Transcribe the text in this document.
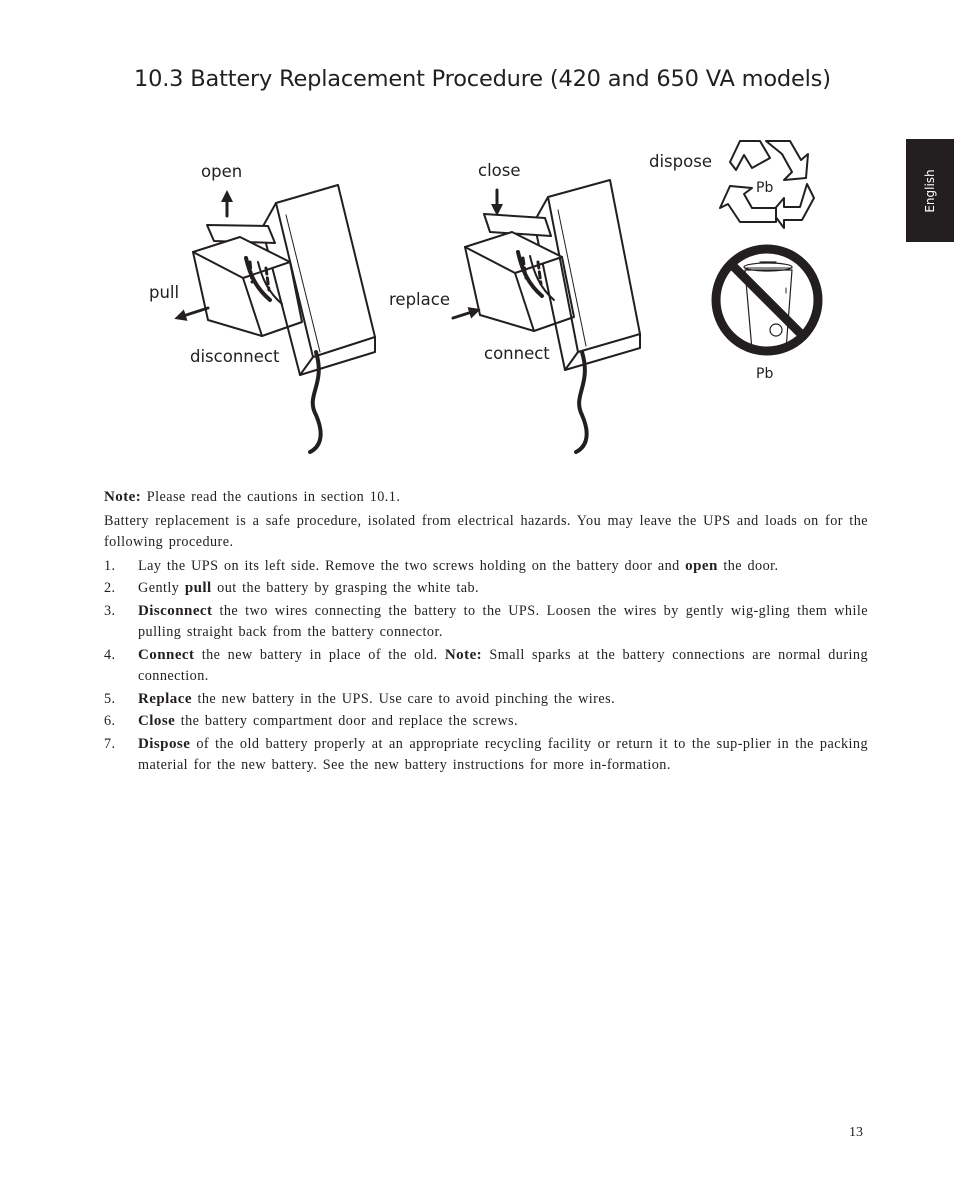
10.3 Battery Replacement Procedure (420 and 650 VA models)
English
open
pull
disconnect
close
replace
connect
dispose
Pb
Pb

Note: Please read the cautions in section 10.1.

Battery replacement is a safe procedure, isolated from electrical hazards. You may leave the UPS and loads on for the following procedure.

1. Lay the UPS on its left side. Remove the two screws holding on the battery door and open the door.
2. Gently pull out the battery by grasping the white tab.
3. Disconnect the two wires connecting the battery to the UPS. Loosen the wires by gently wig-gling them while pulling straight back from the battery connector.
4. Connect the new battery in place of the old. Note: Small sparks at the battery connections are normal during connection.
5. Replace the new battery in the UPS. Use care to avoid pinching the wires.
6. Close the battery compartment door and replace the screws.
7. Dispose of the old battery properly at an appropriate recycling facility or return it to the sup-plier in the packing material for the new battery. See the new battery instructions for more in-formation.
13
